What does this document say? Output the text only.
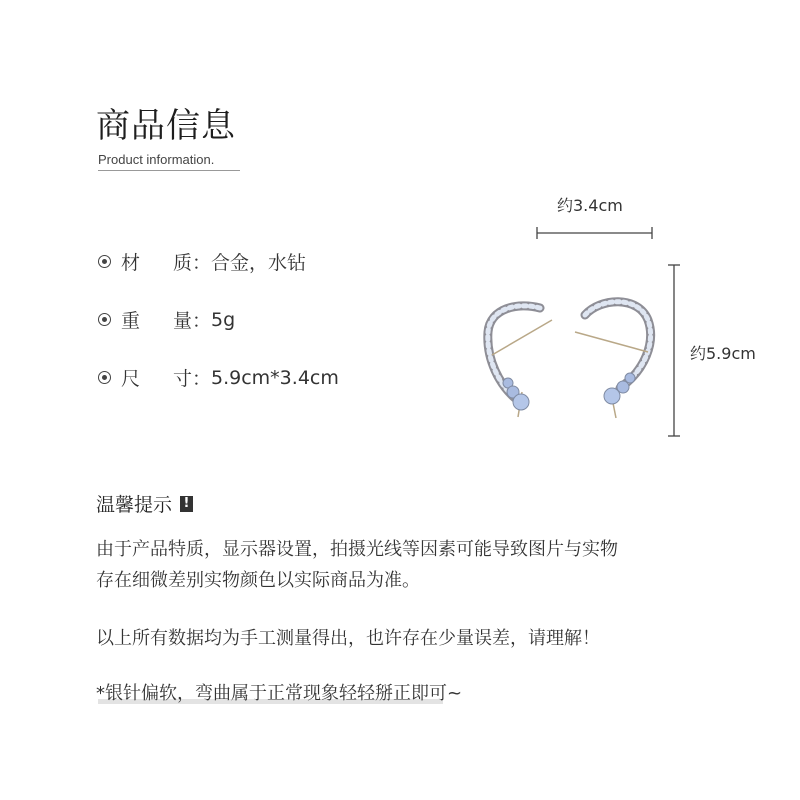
商品信息
Product information.
材	质： 合金，水钻
重	量： 5g
尺	寸： 5.9cm*3.4cm
约3.4cm
约5.9cm
温馨提示 !
由于产品特质，显示器设置，拍摄光线等因素可能导致图片与实物
存在细微差别实物颜色以实际商品为准。
以上所有数据均为手工测量得出，也许存在少量误差，请理解！
*银针偏软，弯曲属于正常现象轻轻掰正即可~
